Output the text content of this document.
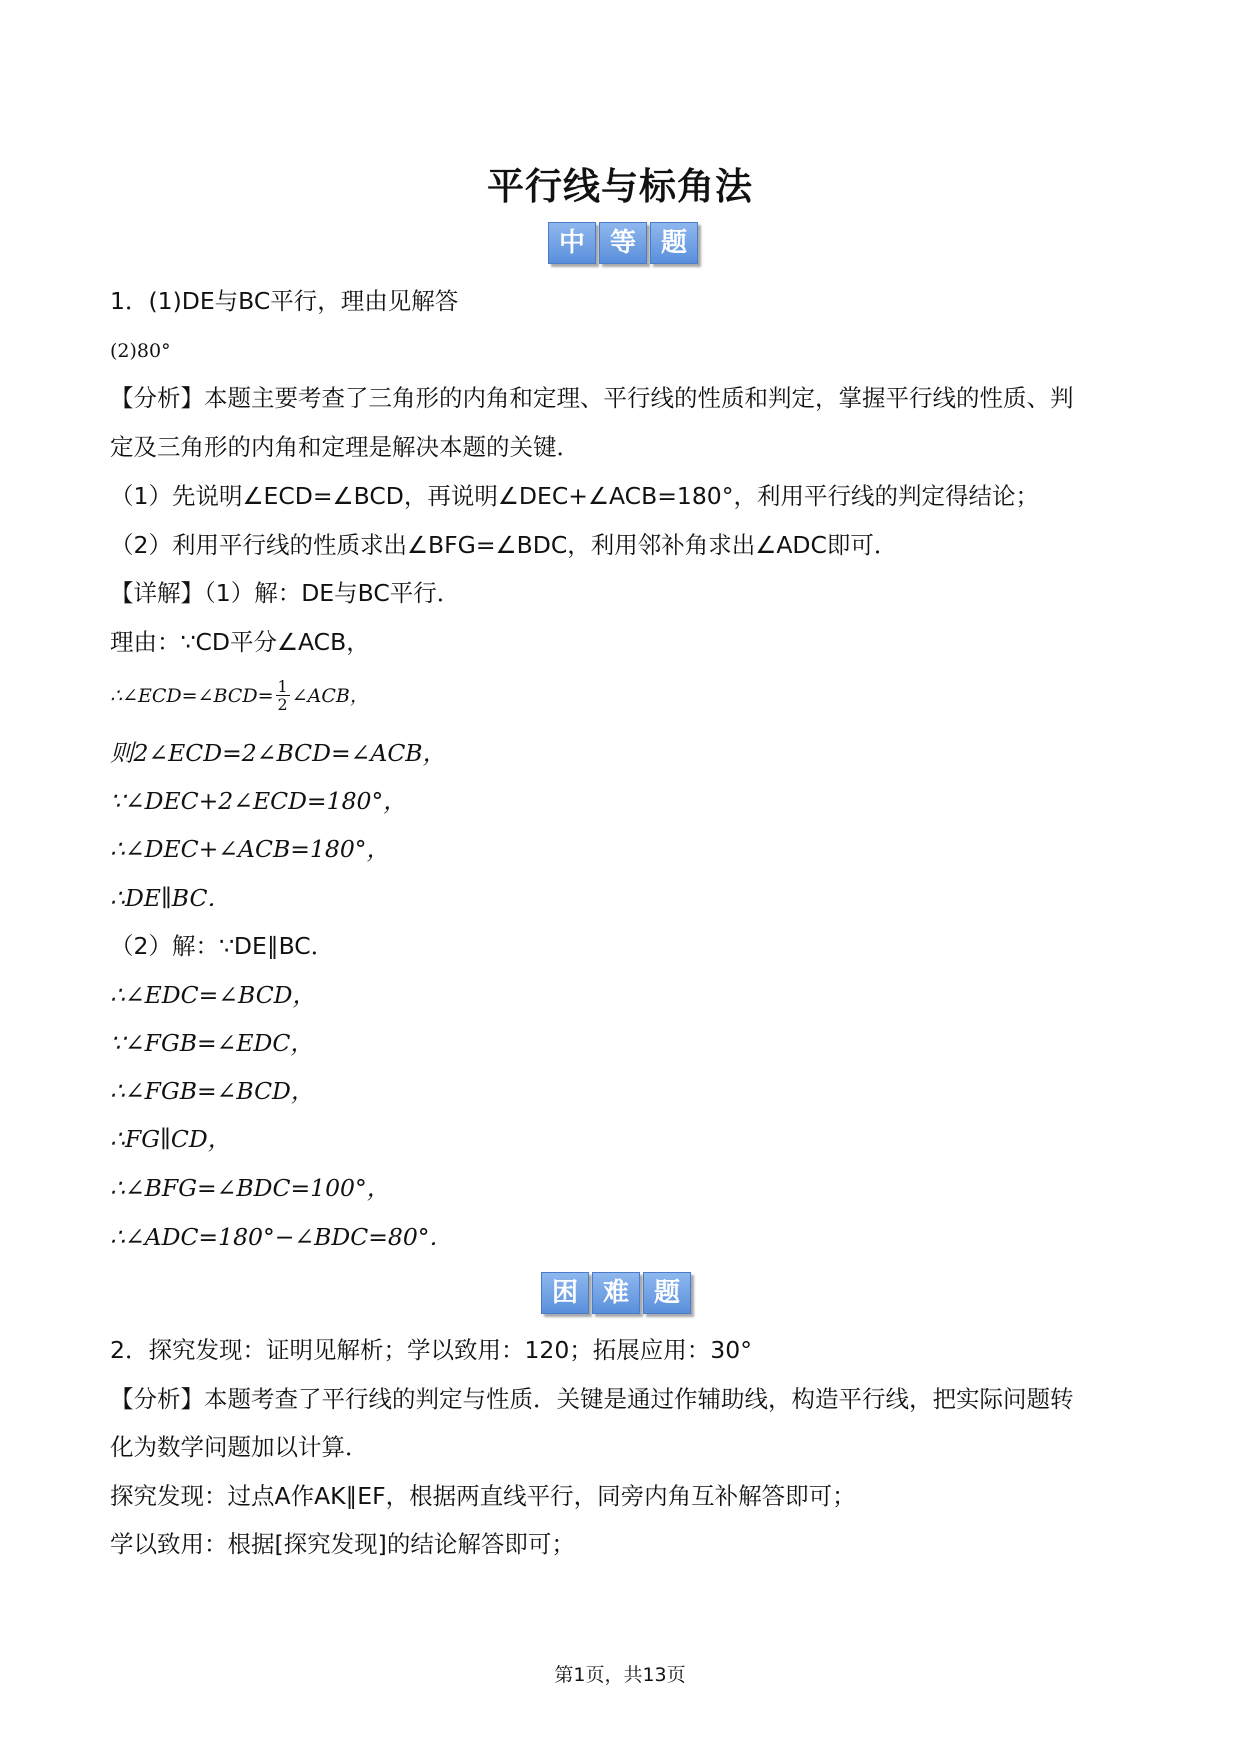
平行线与标角法
中 等 题
1．(1)DE与BC平行，理由见解答
(2)80°
【分析】本题主要考查了三角形的内角和定理、平行线的性质和判定，掌握平行线的性质、判
定及三角形的内角和定理是解决本题的关键．
（1）先说明∠ECD=∠BCD，再说明∠DEC+∠ACB=180°，利用平行线的判定得结论；
（2）利用平行线的性质求出∠BFG=∠BDC，利用邻补角求出∠ADC即可．
【详解】（1）解：DE与BC平行．
理由：∵CD平分∠ACB，
∴∠ECD=∠BCD= $\frac{1}{2}$ ∠ACB，
则2∠ECD=2∠BCD=∠ACB，
∵∠DEC+2∠ECD=180°，
∴∠DEC+∠ACB=180°，
∴DE∥BC．
（2）解：∵DE∥BC．
∴∠EDC=∠BCD，
∵∠FGB=∠EDC，
∴∠FGB=∠BCD，
∴FG∥CD，
∴∠BFG=∠BDC=100°，
∴∠ADC=180°−∠BDC=80°．
困 难 题
2．探究发现：证明见解析；学以致用：120；拓展应用：30°
【分析】本题考查了平行线的判定与性质．关键是通过作辅助线，构造平行线，把实际问题转
化为数学问题加以计算．
探究发现：过点A作AK∥EF，根据两直线平行，同旁内角互补解答即可；
学以致用：根据[探究发现]的结论解答即可；
第1页，共13页
